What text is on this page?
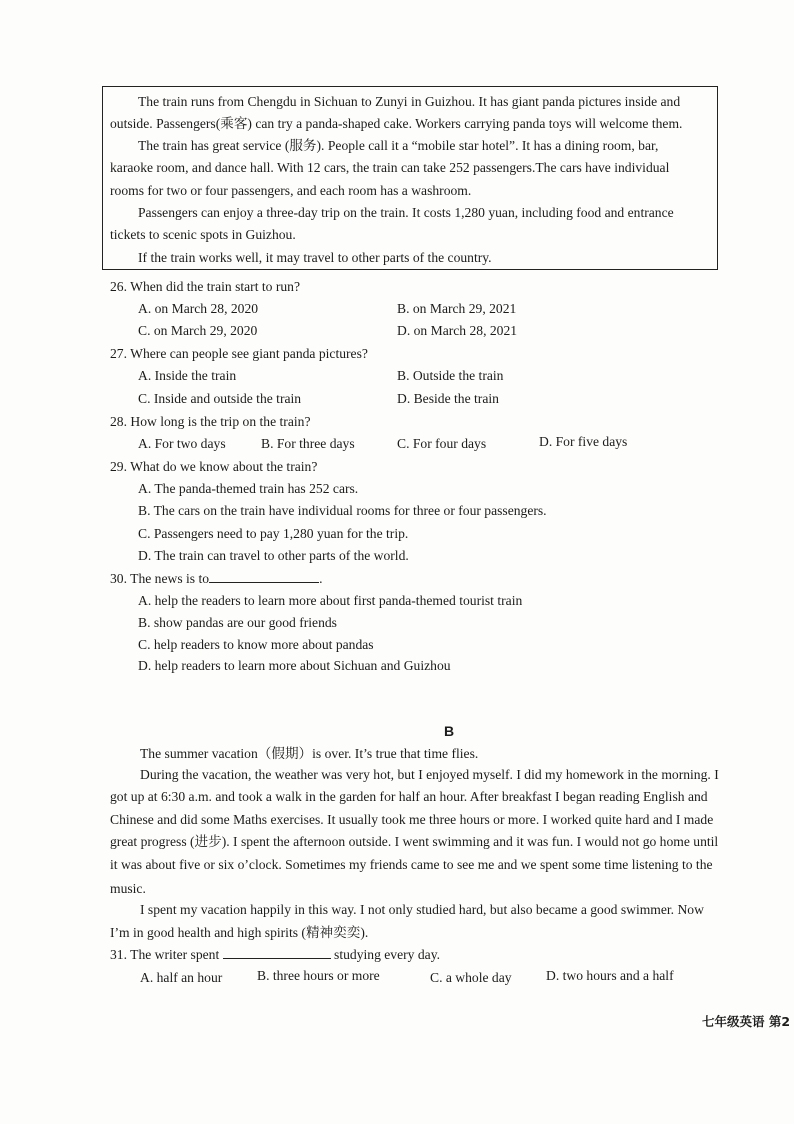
The train runs from Chengdu in Sichuan to Zunyi in Guizhou. It has giant panda pictures inside and
outside. Passengers(乘客) can try a panda-shaped cake. Workers carrying panda toys will welcome them.
The train has great service (服务). People call it a “mobile star hotel”. It has a dining room, bar,
karaoke room, and dance hall. With 12 cars, the train can take 252 passengers.The cars have individual
rooms for two or four passengers, and each room has a washroom.
Passengers can enjoy a three-day trip on the train. It costs 1,280 yuan, including food and entrance
tickets to scenic spots in Guizhou.
If the train works well, it may travel to other parts of the country.
26. When did the train start to run?
A. on March 28, 2020	B. on March 29, 2021
C. on March 29, 2020	D. on March 28, 2021
27. Where can people see giant panda pictures?
A. Inside the train	B. Outside the train
C. Inside and outside the train	D. Beside the train
28. How long is the trip on the train?
A. For two days	B. For three days	C. For four days	D. For five days
29. What do we know about the train?
A. The panda-themed train has 252 cars.
B. The cars on the train have individual rooms for three or four passengers.
C. Passengers need to pay 1,280 yuan for the trip.
D. The train can travel to other parts of the world.
30. The news is to	.
A. help the readers to learn more about first panda-themed tourist train
B. show pandas are our good friends
C. help readers to know more about pandas
D. help readers to learn more about Sichuan and Guizhou
B
The summer vacation（假期）is over. It’s true that time flies.
During the vacation, the weather was very hot, but I enjoyed myself. I did my homework in the morning. I
got up at 6:30 a.m. and took a walk in the garden for half an hour. After breakfast I began reading English and
Chinese and did some Maths exercises. It usually took me three hours or more. I worked quite hard and I made
great progress (进步). I spent the afternoon outside. I went swimming and it was fun. I would not go home until
it was about five or six o’clock. Sometimes my friends came to see me and we spent some time listening to the
music.
I spent my vacation happily in this way. I not only studied hard, but also became a good swimmer. Now
I’m in good health and high spirits (精神奕奕).
31. The writer spent	studying every day.
A. half an hour	B. three hours or more	C. a whole day	D. two hours and a half
七年级英语 第2
